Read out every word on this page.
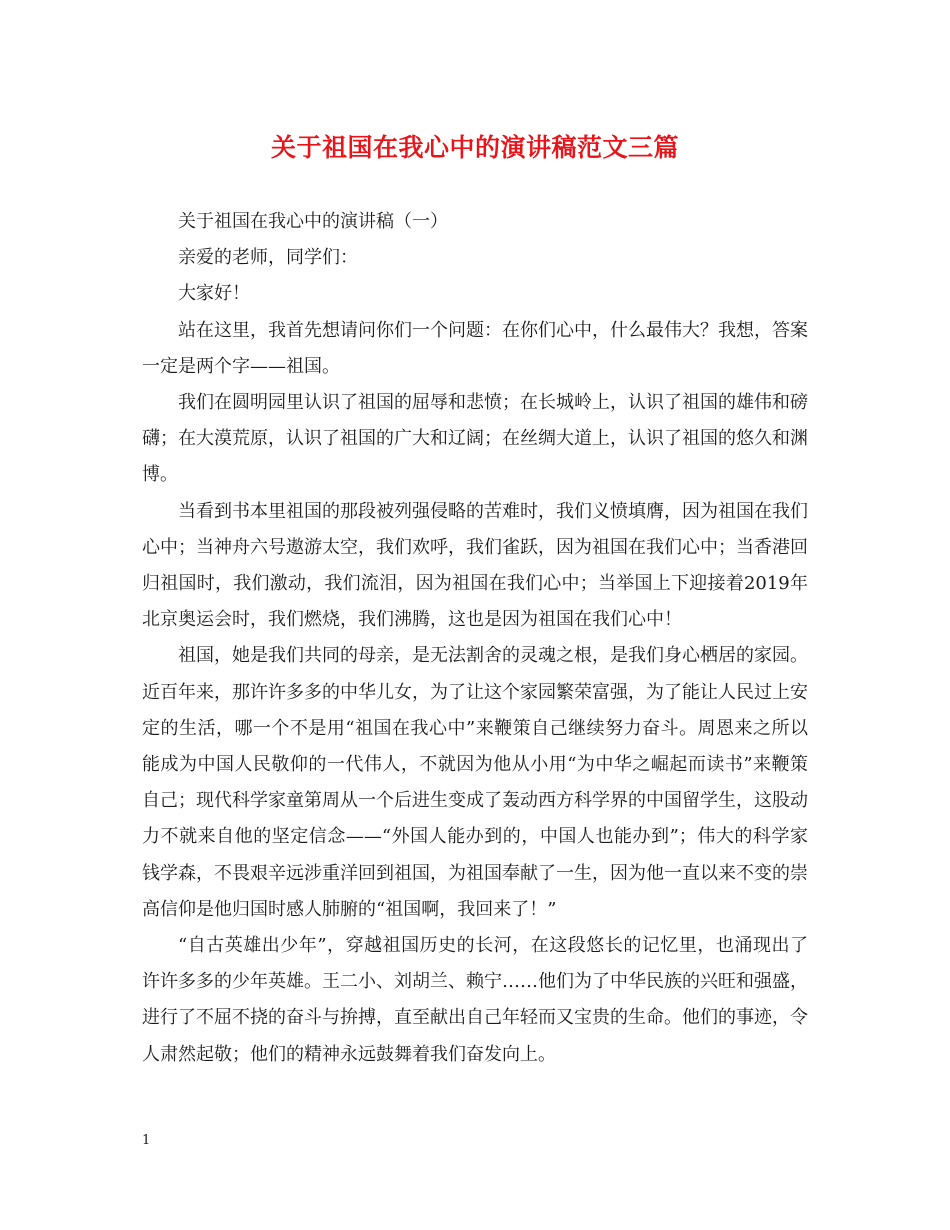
关于祖国在我心中的演讲稿范文三篇

关于祖国在我心中的演讲稿（一）

亲爱的老师，同学们：

大家好！

站在这里，我首先想请问你们一个问题：在你们心中，什么最伟大？我想，答案一定是两个字——祖国。

我们在圆明园里认识了祖国的屈辱和悲愤；在长城岭上，认识了祖国的雄伟和磅礴；在大漠荒原，认识了祖国的广大和辽阔；在丝绸大道上，认识了祖国的悠久和渊博。

当看到书本里祖国的那段被列强侵略的苦难时，我们义愤填膺，因为祖国在我们心中；当神舟六号遨游太空，我们欢呼，我们雀跃，因为祖国在我们心中；当香港回归祖国时，我们激动，我们流泪，因为祖国在我们心中；当举国上下迎接着2019年北京奥运会时，我们燃烧，我们沸腾，这也是因为祖国在我们心中！

祖国，她是我们共同的母亲，是无法割舍的灵魂之根，是我们身心栖居的家园。近百年来，那许许多多的中华儿女，为了让这个家园繁荣富强，为了能让人民过上安定的生活，哪一个不是用“祖国在我心中”来鞭策自己继续努力奋斗。周恩来之所以能成为中国人民敬仰的一代伟人，不就因为他从小用“为中华之崛起而读书”来鞭策自己；现代科学家童第周从一个后进生变成了轰动西方科学界的中国留学生，这股动力不就来自他的坚定信念——“外国人能办到的，中国人也能办到”；伟大的科学家钱学森，不畏艰辛远涉重洋回到祖国，为祖国奉献了一生，因为他一直以来不变的崇高信仰是他归国时感人肺腑的“祖国啊，我回来了！”

“自古英雄出少年”，穿越祖国历史的长河，在这段悠长的记忆里，也涌现出了许许多多的少年英雄。王二小、刘胡兰、赖宁……他们为了中华民族的兴旺和强盛，进行了不屈不挠的奋斗与拚搏，直至献出自己年轻而又宝贵的生命。他们的事迹，令人肃然起敬；他们的精神永远鼓舞着我们奋发向上。

1
